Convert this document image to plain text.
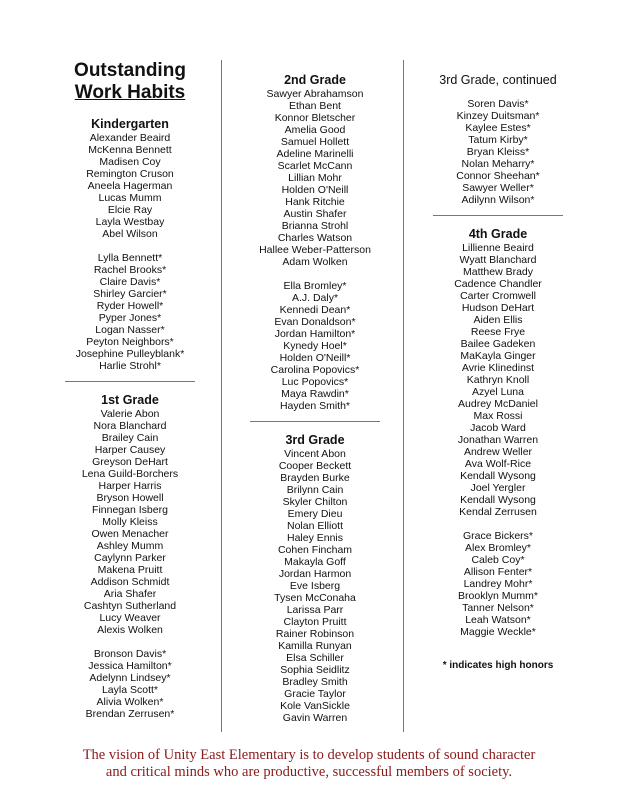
Outstanding
Work Habits
Kindergarten
Alexander Beaird
McKenna Bennett
Madisen Coy
Remington Cruson
Aneela Hagerman
Lucas Mumm
Elcie Ray
Layla Westbay
Abel Wilson
Lylla Bennett*
Rachel Brooks*
Claire Davis*
Shirley Garcier*
Ryder Howell*
Pyper Jones*
Logan Nasser*
Peyton Neighbors*
Josephine Pulleyblank*
Harlie Strohl*
1st Grade
Valerie Abon
Nora Blanchard
Brailey Cain
Harper Causey
Greyson DeHart
Lena Guild-Borchers
Harper Harris
Bryson Howell
Finnegan Isberg
Molly Kleiss
Owen Menacher
Ashley Mumm
Caylynn Parker
Makena Pruitt
Addison Schmidt
Aria Shafer
Cashtyn Sutherland
Lucy Weaver
Alexis Wolken
Bronson Davis*
Jessica Hamilton*
Adelynn Lindsey*
Layla Scott*
Alivia Wolken*
Brendan Zerrusen*
2nd Grade
Sawyer Abrahamson
Ethan Bent
Konnor Bletscher
Amelia Good
Samuel Hollett
Adeline Marinelli
Scarlet McCann
Lillian Mohr
Holden O'Neill
Hank Ritchie
Austin Shafer
Brianna Strohl
Charles Watson
Hallee Weber-Patterson
Adam Wolken
Ella Bromley*
A.J. Daly*
Kennedi Dean*
Evan Donaldson*
Jordan Hamilton*
Kynedy Hoel*
Holden O'Neill*
Carolina Popovics*
Luc Popovics*
Maya Rawdin*
Hayden Smith*
3rd Grade
Vincent Abon
Cooper Beckett
Brayden Burke
Brilynn Cain
Skyler Chilton
Emery Dieu
Nolan Elliott
Haley Ennis
Cohen Fincham
Makayla Goff
Jordan Harmon
Eve Isberg
Tysen McConaha
Larissa Parr
Clayton Pruitt
Rainer Robinson
Kamilla Runyan
Elsa Schiller
Sophia Seidlitz
Bradley Smith
Gracie Taylor
Kole VanSickle
Gavin Warren
3rd Grade, continued
Soren Davis*
Kinzey Duitsman*
Kaylee Estes*
Tatum Kirby*
Bryan Kleiss*
Nolan Meharry*
Connor Sheehan*
Sawyer Weller*
Adilynn Wilson*
4th Grade
Lillienne Beaird
Wyatt Blanchard
Matthew Brady
Cadence Chandler
Carter Cromwell
Hudson DeHart
Aiden Ellis
Reese Frye
Bailee Gadeken
MaKayla Ginger
Avrie Klinedinst
Kathryn Knoll
Azyel Luna
Audrey McDaniel
Max Rossi
Jacob Ward
Jonathan Warren
Andrew Weller
Ava Wolf-Rice
Kendall Wysong
Joel Yergler
Kendall Wysong
Kendal Zerrusen
Grace Bickers*
Alex Bromley*
Caleb Coy*
Allison Fenter*
Landrey Mohr*
Brooklyn Mumm*
Tanner Nelson*
Leah Watson*
Maggie Weckle*
* indicates high honors
The vision of Unity East Elementary is to develop students of sound character
and critical minds who are productive, successful members of society.
